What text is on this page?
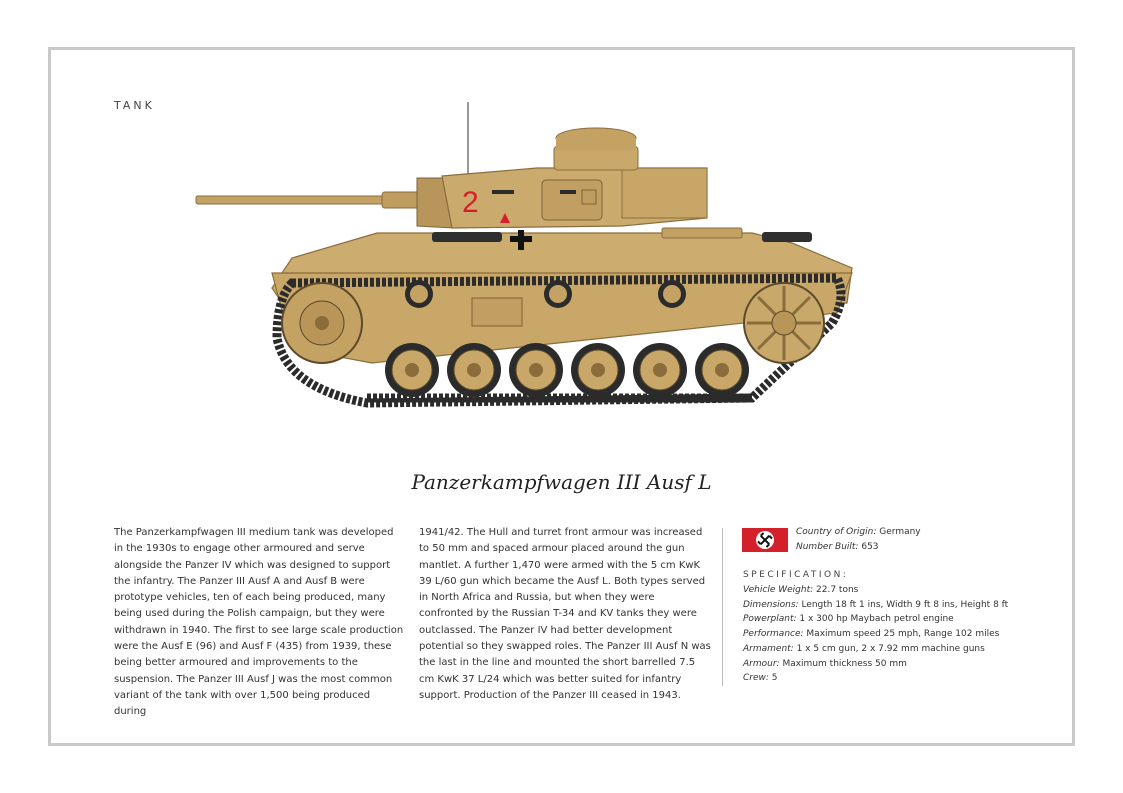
TANK
2
Panzerkampfwagen III Ausf L
The Panzerkampfwagen III medium tank was developed in the 1930s to engage other armoured and serve alongside the Panzer IV which was designed to support the infantry. The Panzer III Ausf A and Ausf B were prototype vehicles, ten of each being produced, many being used during the Polish campaign, but they were withdrawn in 1940. The first to see large scale production were the Ausf E (96) and Ausf F (435) from 1939, these being better armoured and improvements to the suspension. The Panzer III Ausf J was the most common variant of the tank with over 1,500 being produced during
1941/42. The Hull and turret front armour was increased to 50 mm and spaced armour placed around the gun mantlet. A further 1,470 were armed with the 5 cm KwK 39 L/60 gun which became the Ausf L. Both types served in North Africa and Russia, but when they were confronted by the Russian T-34 and KV tanks they were outclassed. The Panzer IV had better development potential so they swapped roles. The Panzer III Ausf N was the last in the line and mounted the short barrelled 7.5 cm KwK 37 L/24 which was better suited for infantry support. Production of the Panzer III ceased in 1943.
Country of Origin: Germany
Number Built: 653
SPECIFICATION:
Vehicle Weight: 22.7 tons
Dimensions: Length 18 ft 1 ins, Width 9 ft 8 ins, Height 8 ft
Powerplant: 1 x 300 hp Maybach petrol engine
Performance: Maximum speed 25 mph, Range 102 miles
Armament: 1 x 5 cm gun, 2 x 7.92 mm machine guns
Armour: Maximum thickness 50 mm
Crew: 5
